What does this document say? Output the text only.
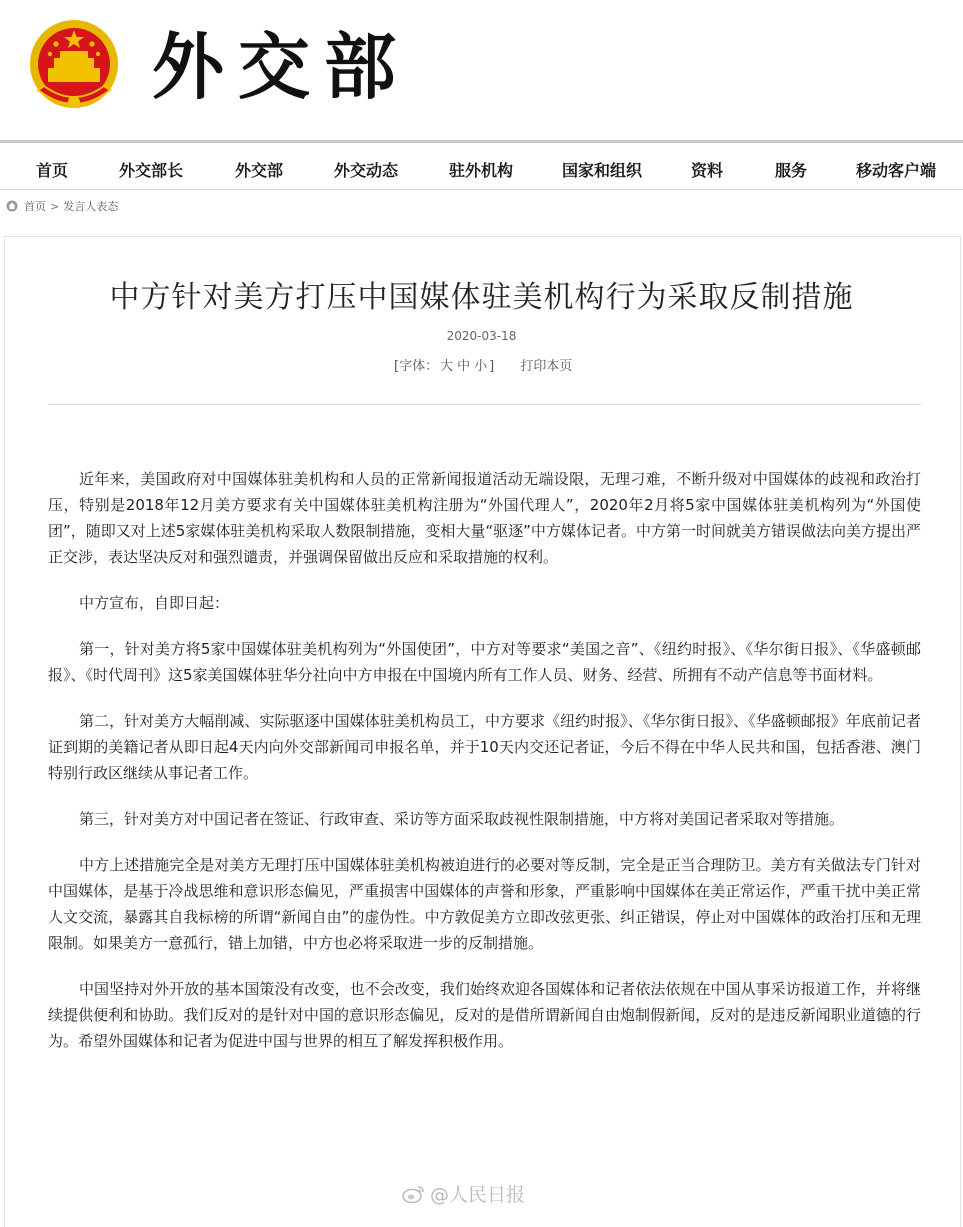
外交部
首页	外交部长	外交部	外交动态	驻外机构	国家和组织	资料	服务	移动客户端
首页 > 发言人表态
中方针对美方打压中国媒体驻美机构行为采取反制措施
2020-03-18
[字体： 大 中 小 ] 打印本页

近年来，美国政府对中国媒体驻美机构和人员的正常新闻报道活动无端设限，无理刁难，不断升级对中国媒体的歧视和政治打压，特别是2018年12月美方要求有关中国媒体驻美机构注册为“外国代理人”，2020年2月将5家中国媒体驻美机构列为“外国使团”，随即又对上述5家媒体驻美机构采取人数限制措施，变相大量“驱逐”中方媒体记者。中方第一时间就美方错误做法向美方提出严正交涉，表达坚决反对和强烈谴责，并强调保留做出反应和采取措施的权利。

中方宣布，自即日起：

第一，针对美方将5家中国媒体驻美机构列为“外国使团”，中方对等要求“美国之音”、《纽约时报》、《华尔街日报》、《华盛顿邮报》、《时代周刊》这5家美国媒体驻华分社向中方申报在中国境内所有工作人员、财务、经营、所拥有不动产信息等书面材料。

第二，针对美方大幅削减、实际驱逐中国媒体驻美机构员工，中方要求《纽约时报》、《华尔街日报》、《华盛顿邮报》年底前记者证到期的美籍记者从即日起4天内向外交部新闻司申报名单，并于10天内交还记者证，今后不得在中华人民共和国，包括香港、澳门特别行政区继续从事记者工作。

第三，针对美方对中国记者在签证、行政审查、采访等方面采取歧视性限制措施，中方将对美国记者采取对等措施。

中方上述措施完全是对美方无理打压中国媒体驻美机构被迫进行的必要对等反制，完全是正当合理防卫。美方有关做法专门针对中国媒体，是基于冷战思维和意识形态偏见，严重损害中国媒体的声誉和形象，严重影响中国媒体在美正常运作，严重干扰中美正常人文交流，暴露其自我标榜的所谓“新闻自由”的虚伪性。中方敦促美方立即改弦更张、纠正错误，停止对中国媒体的政治打压和无理限制。如果美方一意孤行，错上加错，中方也必将采取进一步的反制措施。

中国坚持对外开放的基本国策没有改变，也不会改变，我们始终欢迎各国媒体和记者依法依规在中国从事采访报道工作，并将继续提供便利和协助。我们反对的是针对中国的意识形态偏见，反对的是借所谓新闻自由炮制假新闻，反对的是违反新闻职业道德的行为。希望外国媒体和记者为促进中国与世界的相互了解发挥积极作用。

@人民日报
